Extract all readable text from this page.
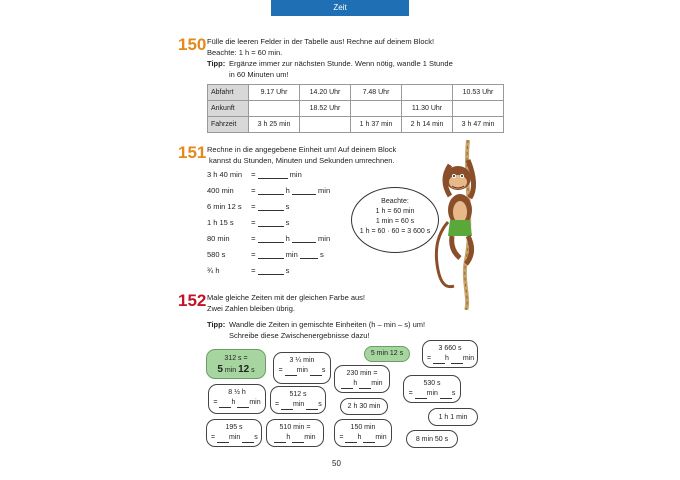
Zeit
150 Fülle die leeren Felder in der Tabelle aus! Rechne auf deinem Block!
Beachte: 1 h = 60 min.
Tipp: Ergänze immer zur nächsten Stunde. Wenn nötig, wandle 1 Stunde
in 60 Minuten um!
Abfahrt	9.17 Uhr	14.20 Uhr	7.48 Uhr		10.53 Uhr
Ankunft		18.52 Uhr		11.30 Uhr	
Fahrzeit	3 h 25 min		1 h 37 min	2 h 14 min	3 h 47 min
151 Rechne in die angegebene Einheit um! Auf deinem Block
kannst du Stunden, Minuten und Sekunden umrechnen.
3 h 40 min =	min
400 min =	h	min
6 min 12 s =	s
1 h 15 s =	s
80 min	=	h	min
580 s	=	min	s
¾ h	=	s
Beachte:
1 h = 60 min
1 min = 60 s
1 h = 60 · 60 = 3 600 s
152 Male gleiche Zeiten mit der gleichen Farbe aus!
Zwei Zahlen bleiben übrig.
Tipp: Wandle die Zeiten in gemischte Einheiten (h – min – s) um!
Schreibe diese Zwischenergebnisse dazu!
312 s =
5 min 12 s
3 ¼ min
= min s
5 min 12 s
3 660 s
= h min
230 min =
h min
8 ½ h
= h min
512 s
= min s
530 s
= min s
2 h 30 min
1 h 1 min
195 s
= min s
510 min =
h min
150 min
= h min	8 min 50 s
50
